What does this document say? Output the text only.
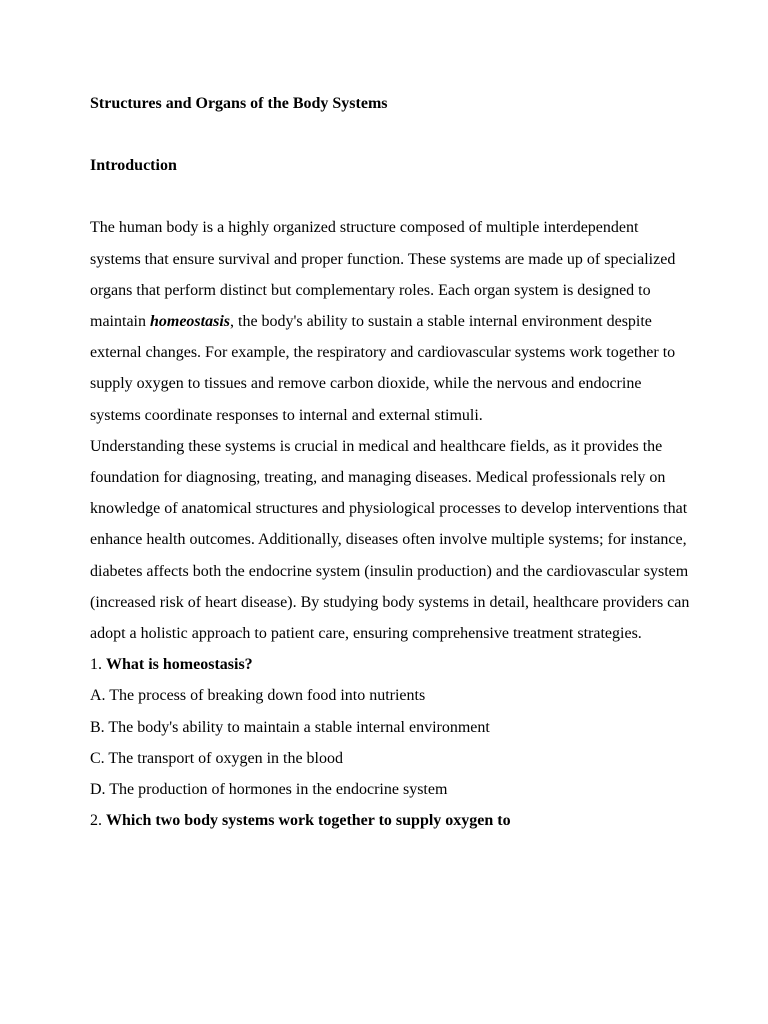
Structures and Organs of the Body Systems
Introduction

The human body is a highly organized structure composed of multiple interdependent systems that ensure survival and proper function. These systems are made up of specialized organs that perform distinct but complementary roles. Each organ system is designed to maintain homeostasis, the body's ability to sustain a stable internal environment despite external changes. For example, the respiratory and cardiovascular systems work together to supply oxygen to tissues and remove carbon dioxide, while the nervous and endocrine systems coordinate responses to internal and external stimuli.

Understanding these systems is crucial in medical and healthcare fields, as it provides the foundation for diagnosing, treating, and managing diseases. Medical professionals rely on knowledge of anatomical structures and physiological processes to develop interventions that enhance health outcomes. Additionally, diseases often involve multiple systems; for instance, diabetes affects both the endocrine system (insulin production) and the cardiovascular system (increased risk of heart disease). By studying body systems in detail, healthcare providers can adopt a holistic approach to patient care, ensuring comprehensive treatment strategies.

1. What is homeostasis?
A. The process of breaking down food into nutrients
B. The body's ability to maintain a stable internal environment
C. The transport of oxygen in the blood
D. The production of hormones in the endocrine system
2. Which two body systems work together to supply oxygen to
